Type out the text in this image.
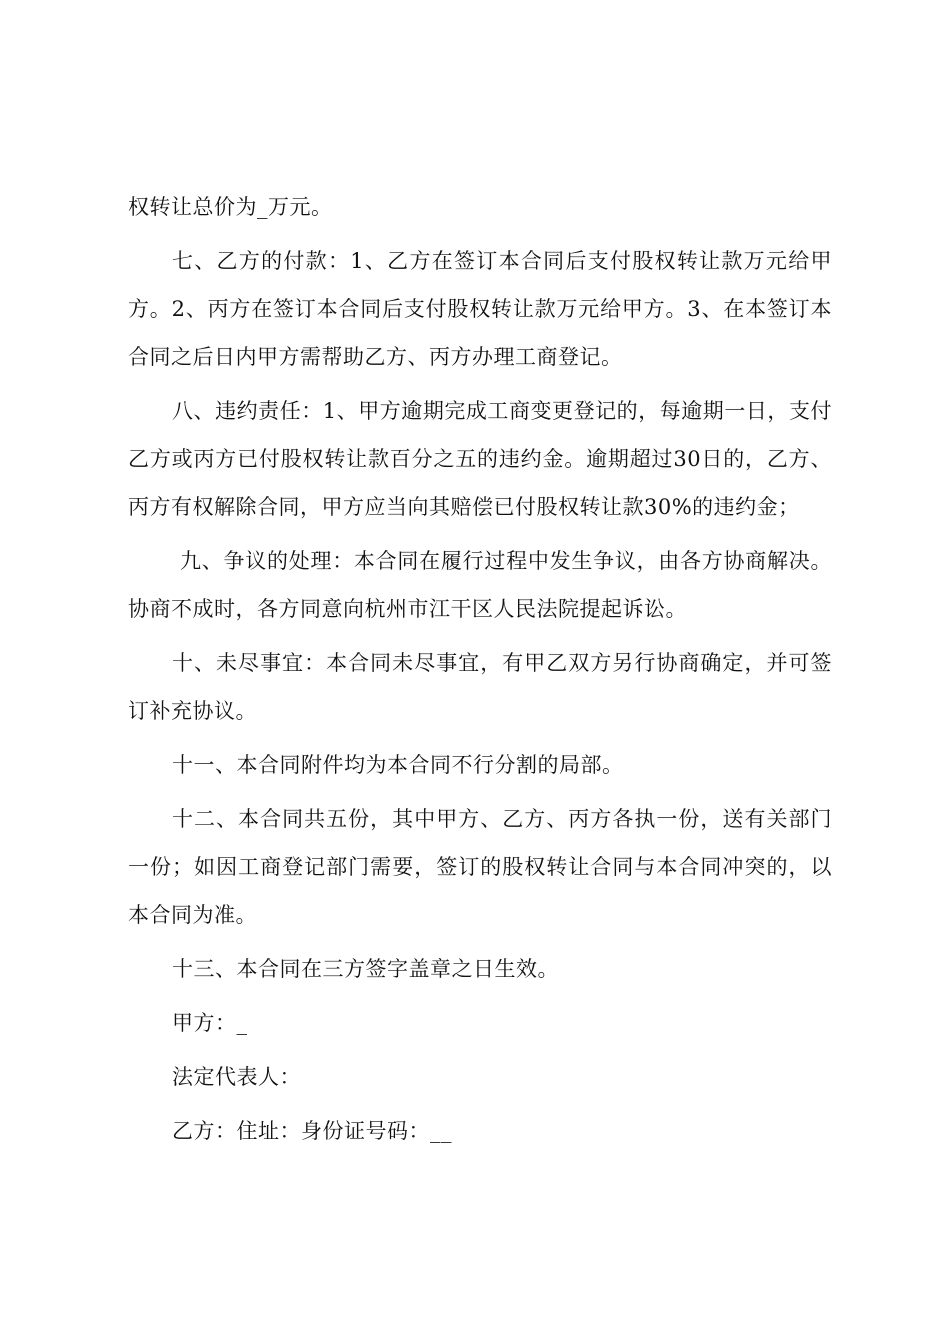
权转让总价为_万元。

七、乙方的付款：1、乙方在签订本合同后支付股权转让款万元给甲方。2、丙方在签订本合同后支付股权转让款万元给甲方。3、在本签订本合同之后日内甲方需帮助乙方、丙方办理工商登记。

八、违约责任：1、甲方逾期完成工商变更登记的，每逾期一日，支付乙方或丙方已付股权转让款百分之五的违约金。逾期超过30日的，乙方、丙方有权解除合同，甲方应当向其赔偿已付股权转让款30%的违约金；

九、争议的处理：本合同在履行过程中发生争议，由各方协商解决。协商不成时，各方同意向杭州市江干区人民法院提起诉讼。

十、未尽事宜：本合同未尽事宜，有甲乙双方另行协商确定，并可签订补充协议。

十一、本合同附件均为本合同不行分割的局部。

十二、本合同共五份，其中甲方、乙方、丙方各执一份，送有关部门一份；如因工商登记部门需要，签订的股权转让合同与本合同冲突的，以本合同为准。

十三、本合同在三方签字盖章之日生效。

甲方：_

法定代表人：

乙方：住址：身份证号码：__
